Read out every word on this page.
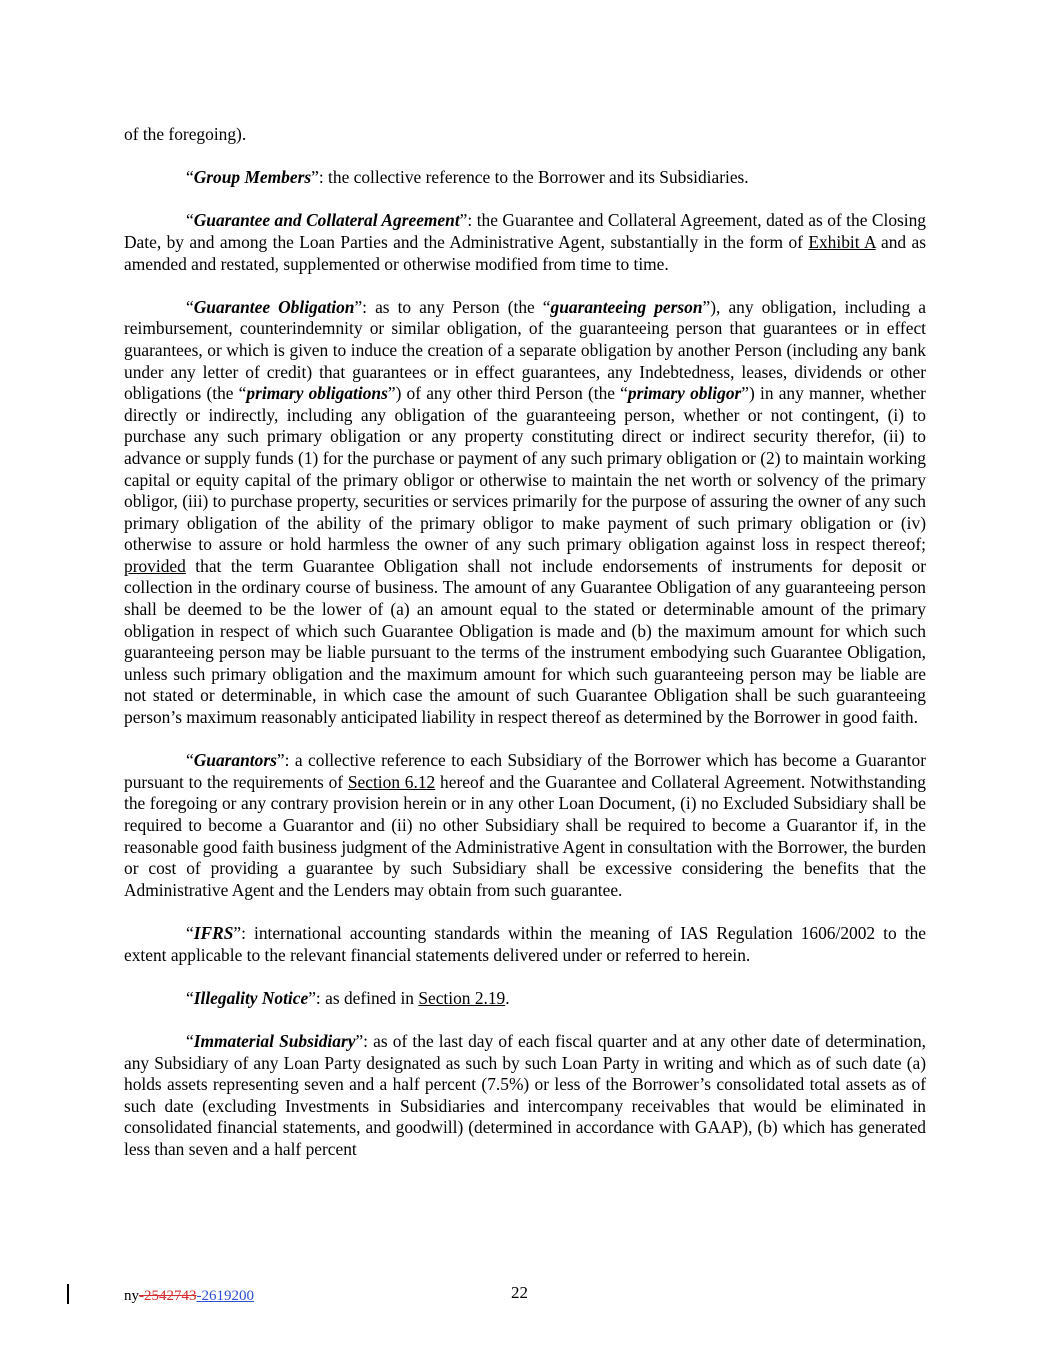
of the foregoing).

“Group Members”: the collective reference to the Borrower and its Subsidiaries.

“Guarantee and Collateral Agreement”: the Guarantee and Collateral Agreement, dated as of the Closing Date, by and among the Loan Parties and the Administrative Agent, substantially in the form of Exhibit A and as amended and restated, supplemented or otherwise modified from time to time.

“Guarantee Obligation”: as to any Person (the “guaranteeing person”), any obligation, including a reimbursement, counterindemnity or similar obligation, of the guaranteeing person that guarantees or in effect guarantees, or which is given to induce the creation of a separate obligation by another Person (including any bank under any letter of credit) that guarantees or in effect guarantees, any Indebtedness, leases, dividends or other obligations (the “primary obligations”) of any other third Person (the “primary obligor”) in any manner, whether directly or indirectly, including any obligation of the guaranteeing person, whether or not contingent, (i) to purchase any such primary obligation or any property constituting direct or indirect security therefor, (ii) to advance or supply funds (1) for the purchase or payment of any such primary obligation or (2) to maintain working capital or equity capital of the primary obligor or otherwise to maintain the net worth or solvency of the primary obligor, (iii) to purchase property, securities or services primarily for the purpose of assuring the owner of any such primary obligation of the ability of the primary obligor to make payment of such primary obligation or (iv) otherwise to assure or hold harmless the owner of any such primary obligation against loss in respect thereof; provided that the term Guarantee Obligation shall not include endorsements of instruments for deposit or collection in the ordinary course of business. The amount of any Guarantee Obligation of any guaranteeing person shall be deemed to be the lower of (a) an amount equal to the stated or determinable amount of the primary obligation in respect of which such Guarantee Obligation is made and (b) the maximum amount for which such guaranteeing person may be liable pursuant to the terms of the instrument embodying such Guarantee Obligation, unless such primary obligation and the maximum amount for which such guaranteeing person may be liable are not stated or determinable, in which case the amount of such Guarantee Obligation shall be such guaranteeing person’s maximum reasonably anticipated liability in respect thereof as determined by the Borrower in good faith.

“Guarantors”: a collective reference to each Subsidiary of the Borrower which has become a Guarantor pursuant to the requirements of Section 6.12 hereof and the Guarantee and Collateral Agreement. Notwithstanding the foregoing or any contrary provision herein or in any other Loan Document, (i) no Excluded Subsidiary shall be required to become a Guarantor and (ii) no other Subsidiary shall be required to become a Guarantor if, in the reasonable good faith business judgment of the Administrative Agent in consultation with the Borrower, the burden or cost of providing a guarantee by such Subsidiary shall be excessive considering the benefits that the Administrative Agent and the Lenders may obtain from such guarantee.

“IFRS”: international accounting standards within the meaning of IAS Regulation 1606/2002 to the extent applicable to the relevant financial statements delivered under or referred to herein.

“Illegality Notice”: as defined in Section 2.19.

“Immaterial Subsidiary”: as of the last day of each fiscal quarter and at any other date of determination, any Subsidiary of any Loan Party designated as such by such Loan Party in writing and which as of such date (a) holds assets representing seven and a half percent (7.5%) or less of the Borrower’s consolidated total assets as of such date (excluding Investments in Subsidiaries and intercompany receivables that would be eliminated in consolidated financial statements, and goodwill) (determined in accordance with GAAP), (b) which has generated less than seven and a half percent

ny-2542743-2619200	22
